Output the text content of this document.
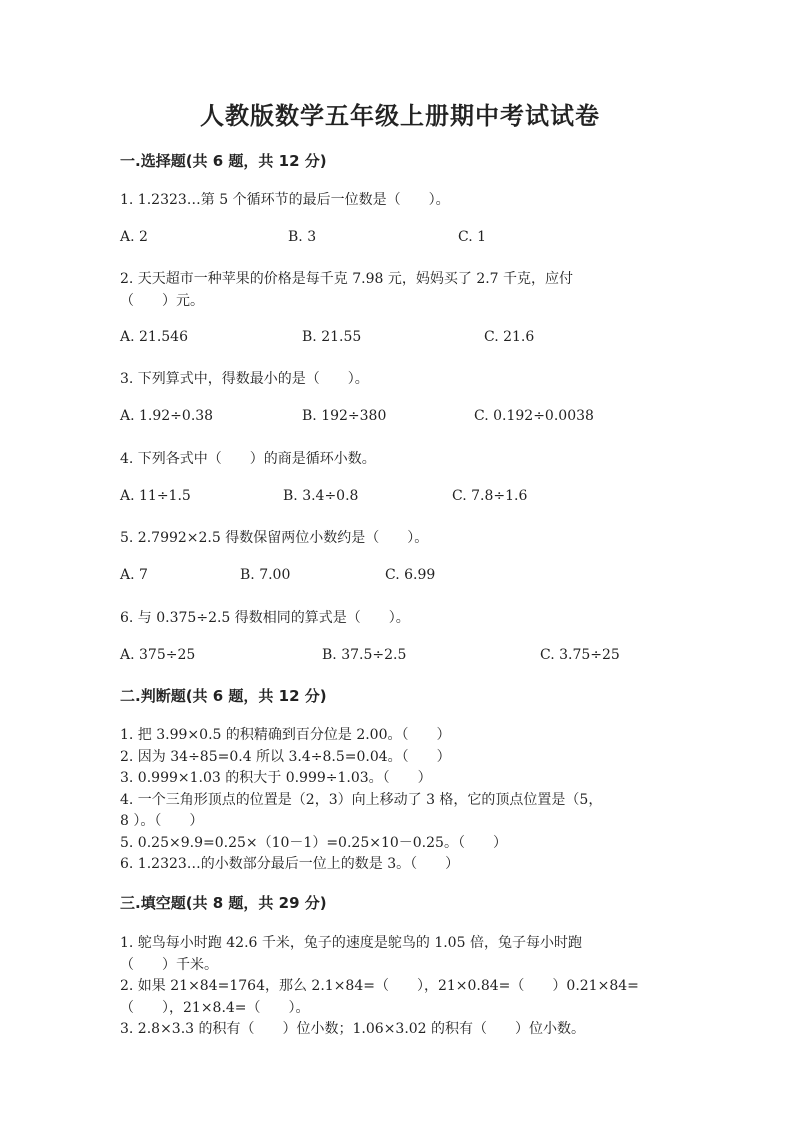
人教版数学五年级上册期中考试试卷
一.选择题(共 6 题，共 12 分)
1. 1.2323…第 5 个循环节的最后一位数是（　　）。
A. 2	B. 3	C. 1
2. 天天超市一种苹果的价格是每千克 7.98 元，妈妈买了 2.7 千克，应付
（　　）元。
A. 21.546	B. 21.55	C. 21.6
3. 下列算式中，得数最小的是（　　）。
A. 1.92÷0.38	B. 192÷380	C. 0.192÷0.0038
4. 下列各式中（　　）的商是循环小数。
A. 11÷1.5	B. 3.4÷0.8	C. 7.8÷1.6
5. 2.7992×2.5 得数保留两位小数约是（　　）。
A. 7	B. 7.00	C. 6.99
6. 与 0.375÷2.5 得数相同的算式是（　　）。
A. 375÷25	B. 37.5÷2.5	C. 3.75÷25
二.判断题(共 6 题，共 12 分)
1. 把 3.99×0.5 的积精确到百分位是 2.00。（　　）
2. 因为 34÷85=0.4 所以 3.4÷8.5=0.04。（　　）
3. 0.999×1.03 的积大于 0.999÷1.03。（　　）
4. 一个三角形顶点的位置是（2，3）向上移动了 3 格，它的顶点位置是（5，
8 ）。（　　）
5. 0.25×9.9=0.25×（10－1）=0.25×10－0.25。（　　）
6. 1.2323…的小数部分最后一位上的数是 3。（　　）
三.填空题(共 8 题，共 29 分)
1. 鸵鸟每小时跑 42.6 千米，兔子的速度是鸵鸟的 1.05 倍，兔子每小时跑
（　　）千米。
2. 如果 21×84=1764，那么 2.1×84=（　　），21×0.84=（　　）0.21×84=
（　　），21×8.4=（　　）。
3. 2.8×3.3 的积有（　　）位小数；1.06×3.02 的积有（　　）位小数。
